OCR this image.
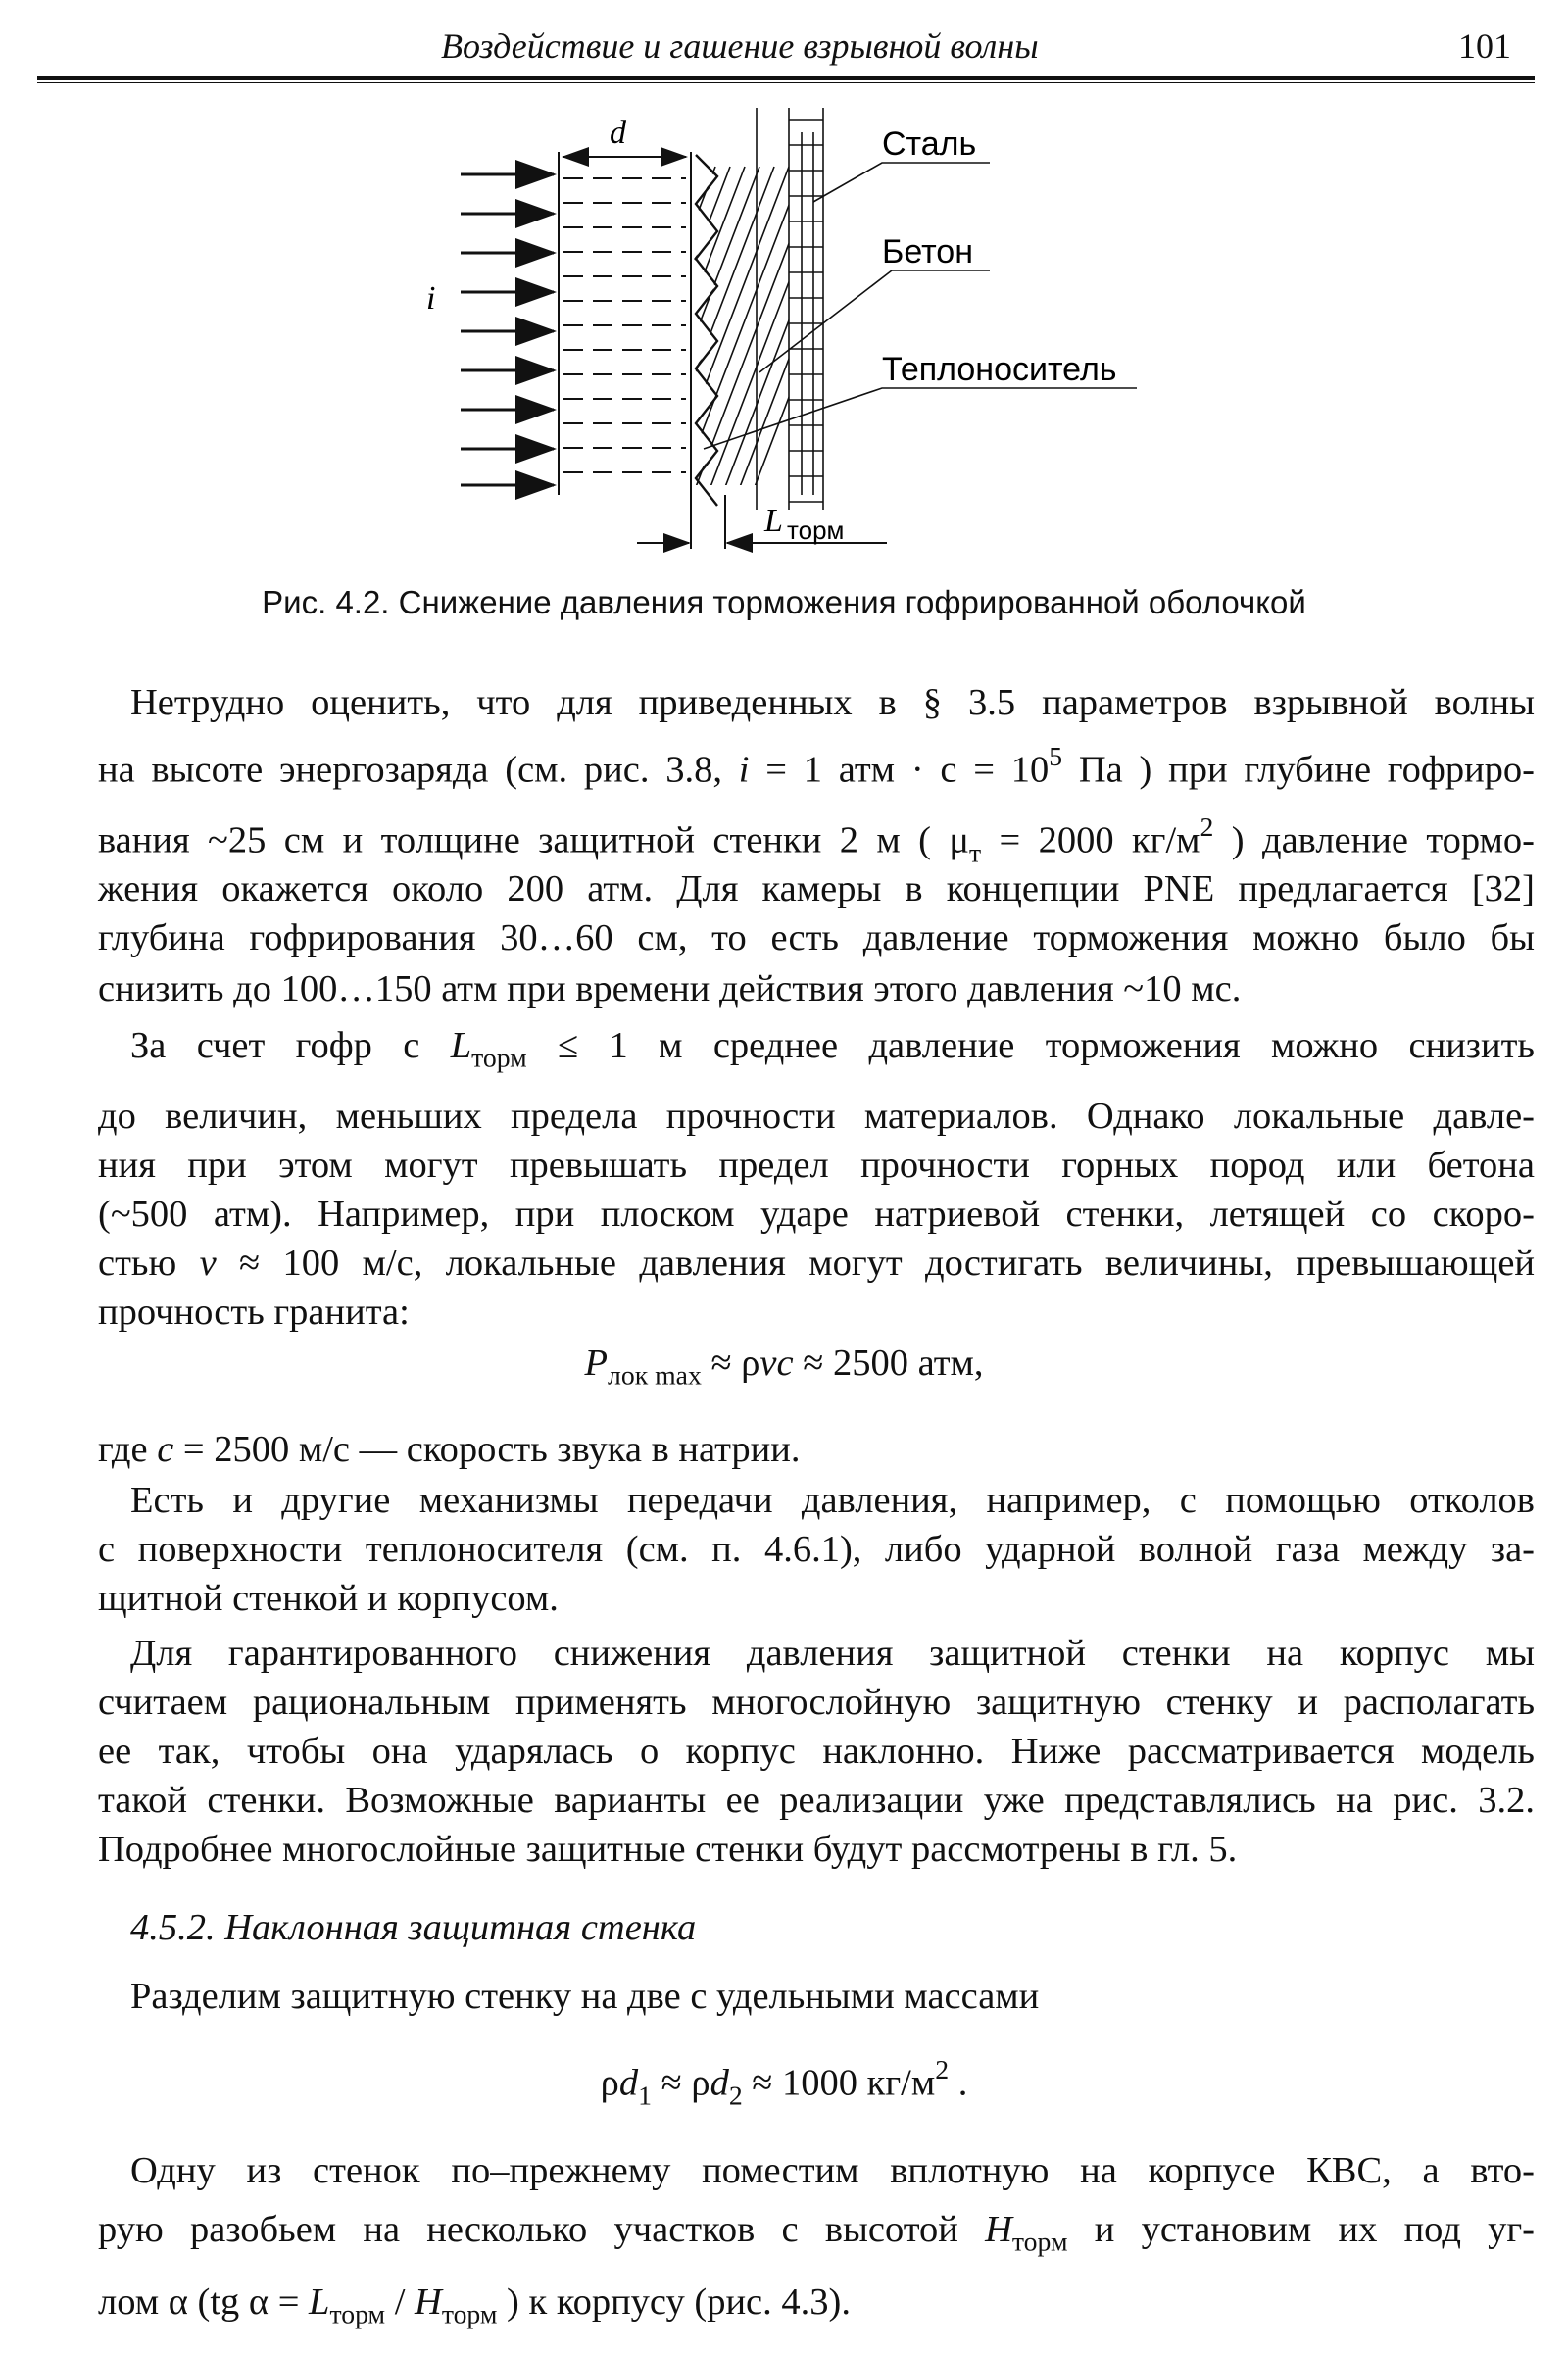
Воздействие и гашение взрывной волны	101
d
i
Сталь
Бетон
Теплоноситель
L торм
Рис. 4.2. Снижение давления торможения гофрированной оболочкой
Нетрудно оценить, что для приведенных в § 3.5 параметров взрывной волны
на высоте энергозаряда (см. рис. 3.8, i = 1 атм · $с = 10^5$ Па ) при глубине гофриро-
вания ~25 см и толщине защитной стенки 2 м ( $\mu_т = 2000$ $кг/м^2$ ) давление тормо-
жения окажется около 200 атм. Для камеры в концепции PNE предлагается [32]
глубина гофрирования 30…60 см, то есть давление торможения можно было бы
снизить до 100…150 атм при времени действия этого давления ~10 мс.
За счет гофр с $L_{торм} \le 1$ м среднее давление торможения можно снизить
до величин, меньших предела прочности материалов. Однако локальные давле-
ния при этом могут превышать предел прочности горных пород или бетона
(~500 атм). Например, при плоском ударе натриевой стенки, летящей со скоро-
стью v ≈ 100 м/с, локальные давления могут достигать величины, превышающей
прочность гранита:
$P_{лок max} \approx \rho vc \approx 2500$ атм,
где c = 2500 м/с — скорость звука в натрии.
Есть и другие механизмы передачи давления, например, с помощью отколов
с поверхности теплоносителя (см. п. 4.6.1), либо ударной волной газа между за-
щитной стенкой и корпусом.
Для гарантированного снижения давления защитной стенки на корпус мы
считаем рациональным применять многослойную защитную стенку и располагать
ее так, чтобы она ударялась о корпус наклонно. Ниже рассматривается модель
такой стенки. Возможные варианты ее реализации уже представлялись на рис. 3.2.
Подробнее многослойные защитные стенки будут рассмотрены в гл. 5.
4.5.2. Наклонная защитная стенка
Разделим защитную стенку на две с удельными массами
$\rho d_1 \approx \rho d_2 \approx 1000$ $кг/м^2$ .
Одну из стенок по–прежнему поместим вплотную на корпусе КВС, а вто-
рую разобьем на несколько участков с высотой $H_{торм}$ и установим их под уг-
лом α (tg $\alpha = L_{торм} / H_{торм}$ ) к корпусу (рис. 4.3).
